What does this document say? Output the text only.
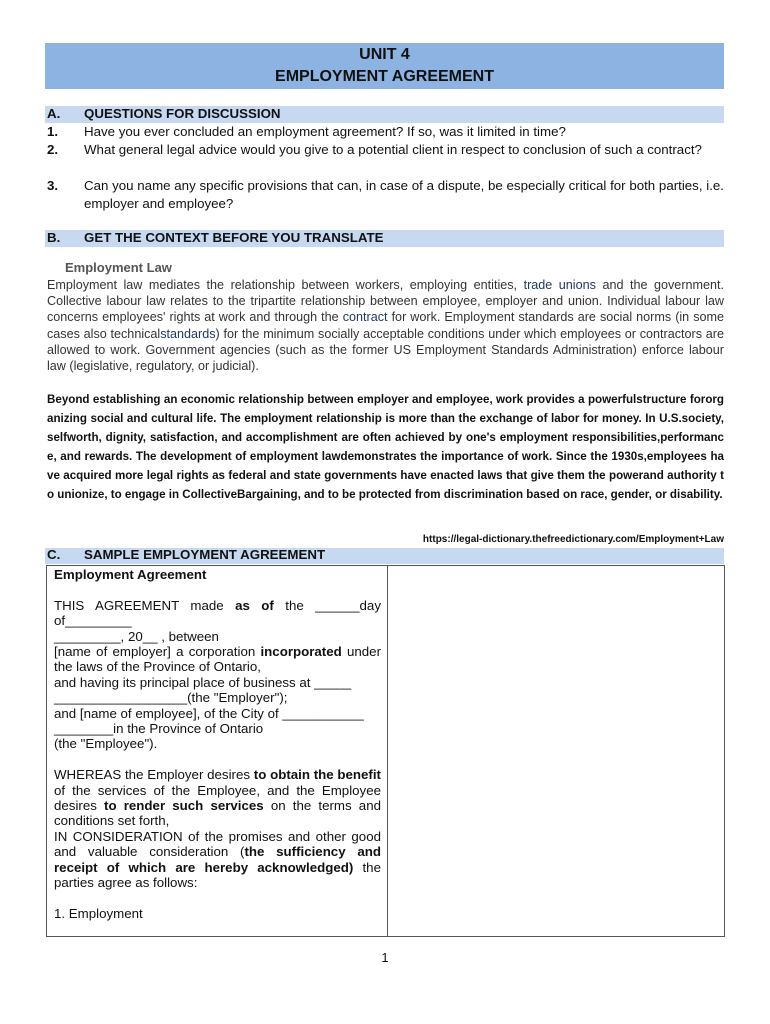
UNIT 4
EMPLOYMENT AGREEMENT
A.	QUESTIONS FOR DISCUSSION
1.	Have you ever concluded an employment agreement? If so, was it limited in time?
2.	What general legal advice would you give to a potential client in respect to conclusion of such a contract?
3.	Can you name any specific provisions that can, in case of a dispute, be especially critical for both parties, i.e. employer and employee?
B.	GET THE CONTEXT BEFORE YOU TRANSLATE
Employment Law
Employment law mediates the relationship between workers, employing entities, trade unions and the government. Collective labour law relates to the tripartite relationship between employee, employer and union. Individual labour law concerns employees' rights at work and through the contract for work. Employment standards are social norms (in some cases also technicalstandards) for the minimum socially acceptable conditions under which employees or contractors are allowed to work. Government agencies (such as the former US Employment Standards Administration) enforce labour law (legislative, regulatory, or judicial).
Beyond establishing an economic relationship between employer and employee, work provides a powerfulstructure fororganizing social and cultural life. The employment relationship is more than the exchange of labor for money. In U.S.society, selfworth, dignity, satisfaction, and accomplishment are often achieved by one's employment responsibilities,performance, and rewards. The development of employment lawdemonstrates the importance of work. Since the 1930s,employees have acquired more legal rights as federal and state governments have enacted laws that give them the powerand authority to unionize, to engage in CollectiveBargaining, and to be protected from discrimination based on race, gender, or disability.
https://legal-dictionary.thefreedictionary.com/Employment+Law
C.	SAMPLE EMPLOYMENT AGREEMENT

Employment Agreement

THIS AGREEMENT made as of the ______day of_________

_________, 20__ , between

[name of employer] a corporation incorporated under the laws of the Province of Ontario,

and having its principal place of business at _____

__________________(the "Employer");

and [name of employee], of the City of ___________

________in the Province of Ontario

(the "Employee").

WHEREAS the Employer desires to obtain the benefit of the services of the Employee, and the Employee desires to render such services on the terms and conditions set forth,

IN CONSIDERATION of the promises and other good and valuable consideration (the sufficiency and receipt of which are hereby acknowledged) the parties agree as follows:

1. Employment

1
